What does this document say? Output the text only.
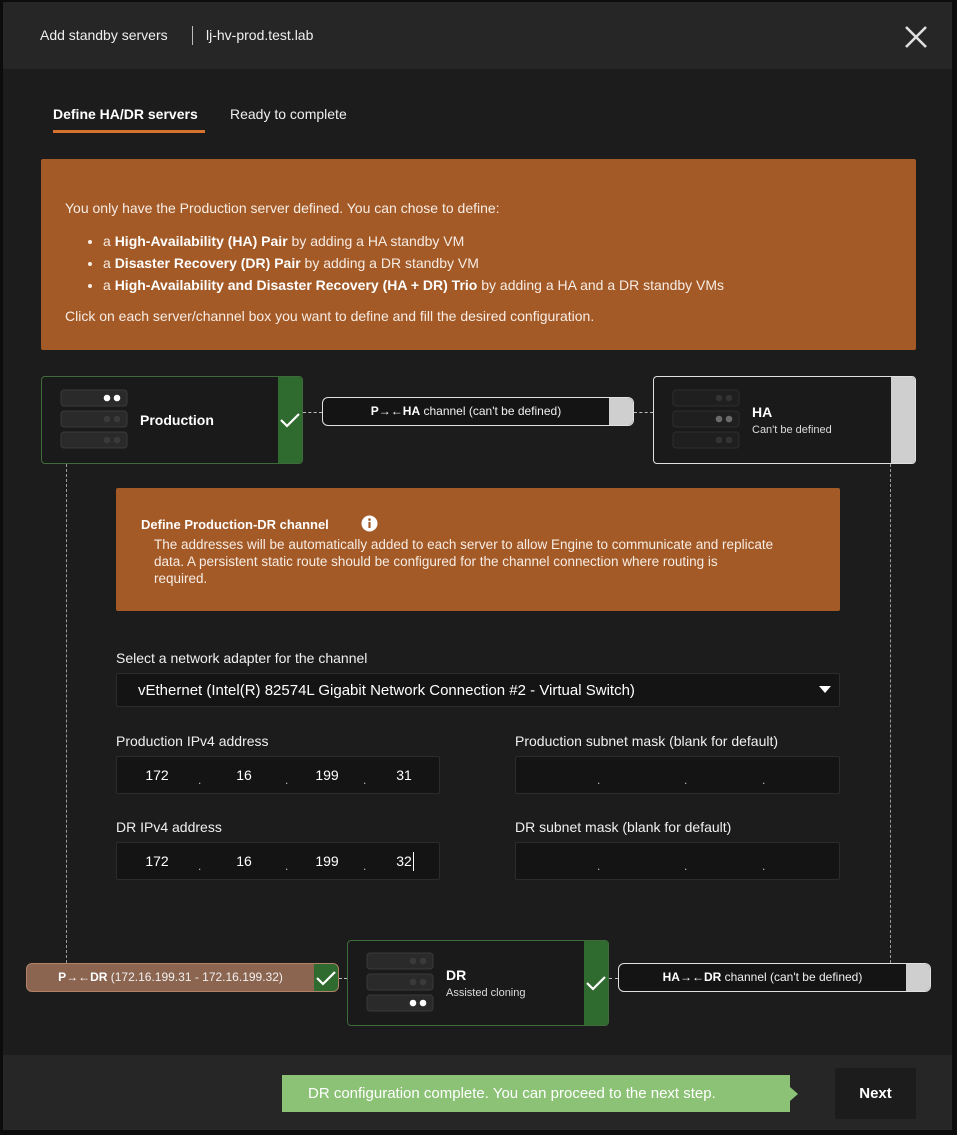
Add standby servers	lj-hv-prod.test.lab
Define HA/DR servers Ready to complete
You only have the Production server defined. You can chose to define:
• a High-Availability (HA) Pair by adding a HA standby VM
• a Disaster Recovery (DR) Pair by adding a DR standby VM
• a High-Availability and Disaster Recovery (HA + DR) Trio by adding a HA and a DR standby VMs
Click on each server/channel box you want to define and fill the desired configuration.
Production
P→←HA channel (can't be defined)	HA
Can't be defined
Define Production-DR channel
The addresses will be automatically added to each server to allow Engine to communicate and replicate data. A persistent static route should be configured for the channel connection where routing is required.
Select a network adapter for the channel
vEthernet (Intel(R) 82574L Gigabit Network Connection #2 - Virtual Switch)
Production IPv4 address
172	.	16	.	199	.	31
Production subnet mask (blank for default)
.	.	.
DR IPv4 address
172	.	16	.	199	.	32
DR subnet mask (blank for default)
.	.	.
P→←DR (172.16.199.31 - 172.16.199.32)	DR
Assisted cloning
HA→←DR channel (can't be defined)
DR configuration complete. You can proceed to the next step.	Next
